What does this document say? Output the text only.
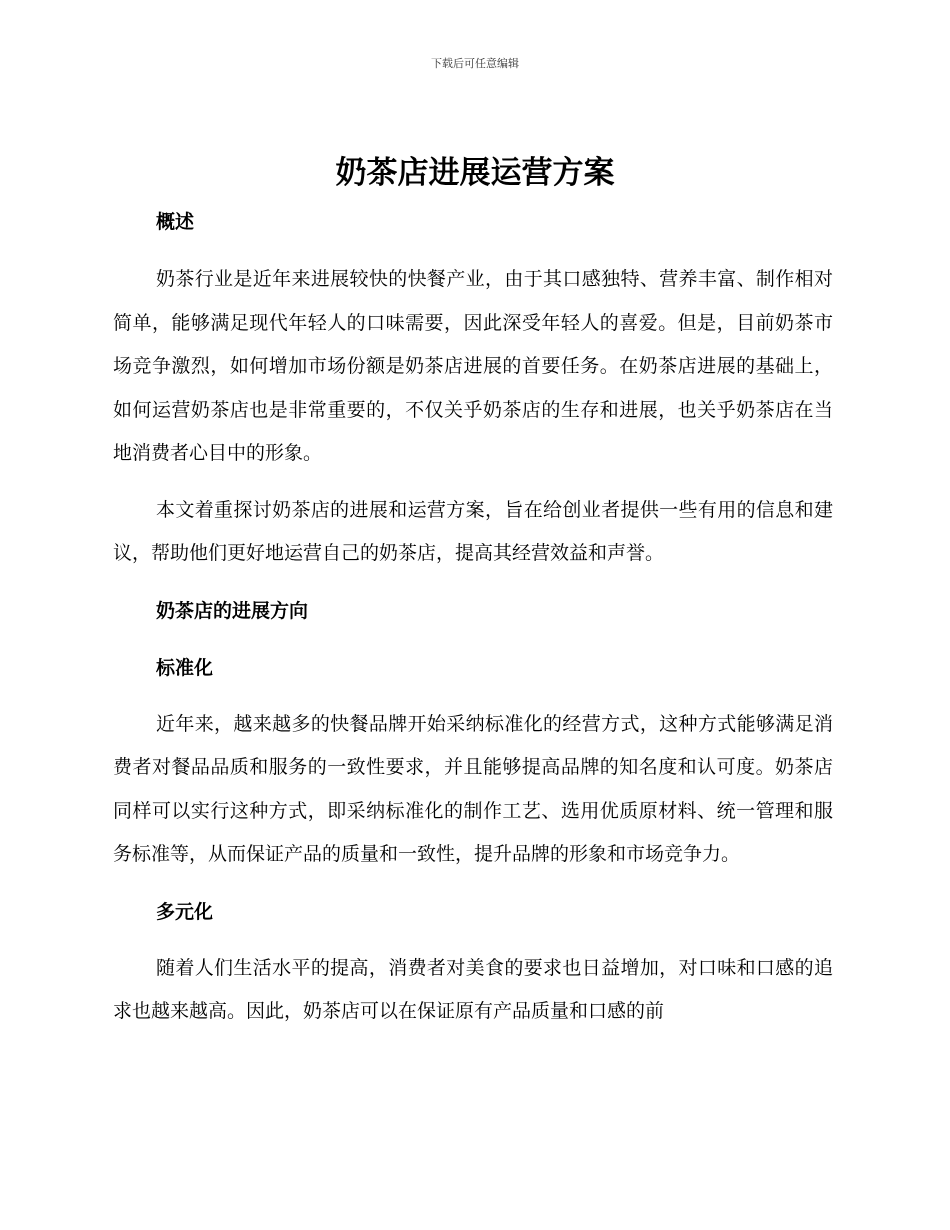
下载后可任意编辑
奶茶店进展运营方案

概述

奶茶行业是近年来进展较快的快餐产业，由于其口感独特、营养丰富、制作相对简单，能够满足现代年轻人的口味需要，因此深受年轻人的喜爱。但是，目前奶茶市场竞争激烈，如何增加市场份额是奶茶店进展的首要任务。在奶茶店进展的基础上，如何运营奶茶店也是非常重要的，不仅关乎奶茶店的生存和进展，也关乎奶茶店在当地消费者心目中的形象。

本文着重探讨奶茶店的进展和运营方案，旨在给创业者提供一些有用的信息和建议，帮助他们更好地运营自己的奶茶店，提高其经营效益和声誉。

奶茶店的进展方向

标准化

近年来，越来越多的快餐品牌开始采纳标准化的经营方式，这种方式能够满足消费者对餐品品质和服务的一致性要求，并且能够提高品牌的知名度和认可度。奶茶店同样可以实行这种方式，即采纳标准化的制作工艺、选用优质原材料、统一管理和服务标准等，从而保证产品的质量和一致性，提升品牌的形象和市场竞争力。

多元化

随着人们生活水平的提高，消费者对美食的要求也日益增加，对口味和口感的追求也越来越高。因此，奶茶店可以在保证原有产品质量和口感的前
